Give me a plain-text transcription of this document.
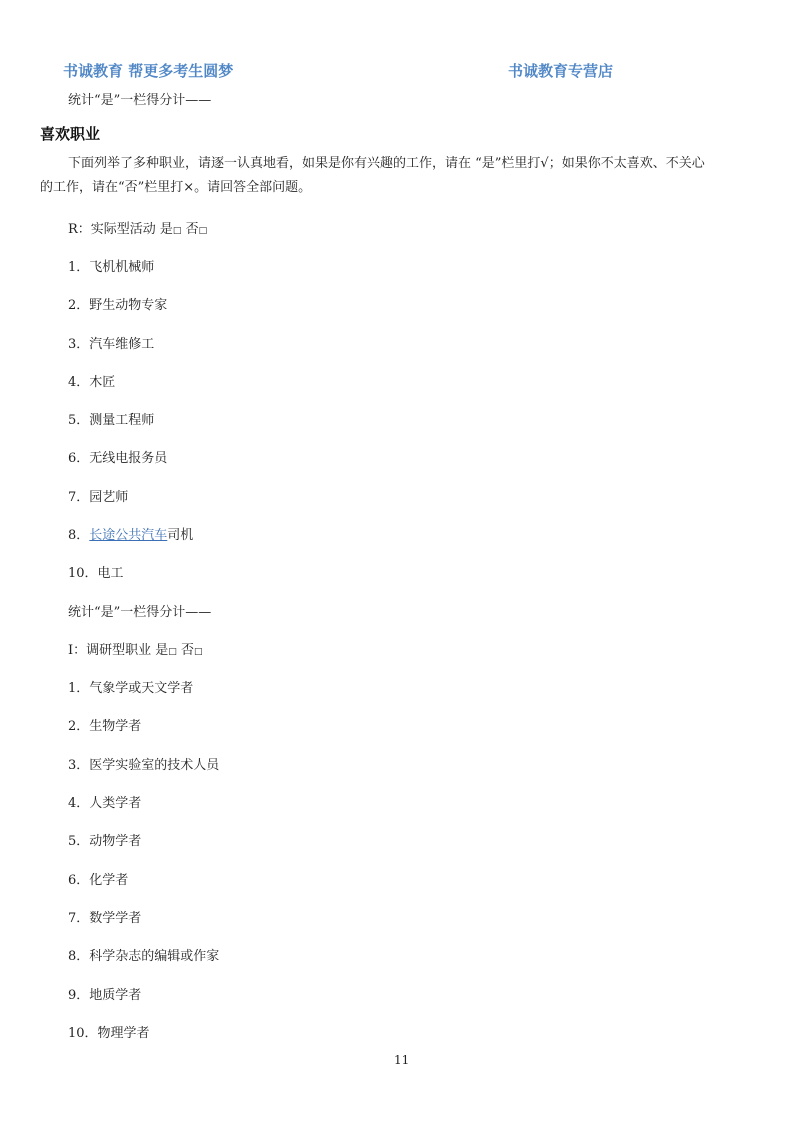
书诚教育 帮更多考生圆梦	书诚教育专营店
统计“是”一栏得分计——
喜欢职业
下面列举了多种职业，请逐一认真地看，如果是你有兴趣的工作，请在 “是”栏里打√；如果你不太喜欢、不关心
的工作，请在“否”栏里打×。请回答全部问题。
R：实际型活动 是□ 否□
1．飞机机械师
2．野生动物专家
3．汽车维修工
4．木匠
5．测量工程师
6．无线电报务员
7．园艺师
8．长途公共汽车司机
10．电工
统计“是”一栏得分计——
I：调研型职业 是□ 否□
1．气象学或天文学者
2．生物学者
3．医学实验室的技术人员
4．人类学者
5．动物学者
6．化学者
7．数学学者
8．科学杂志的编辑或作家
9．地质学者
10．物理学者
11
